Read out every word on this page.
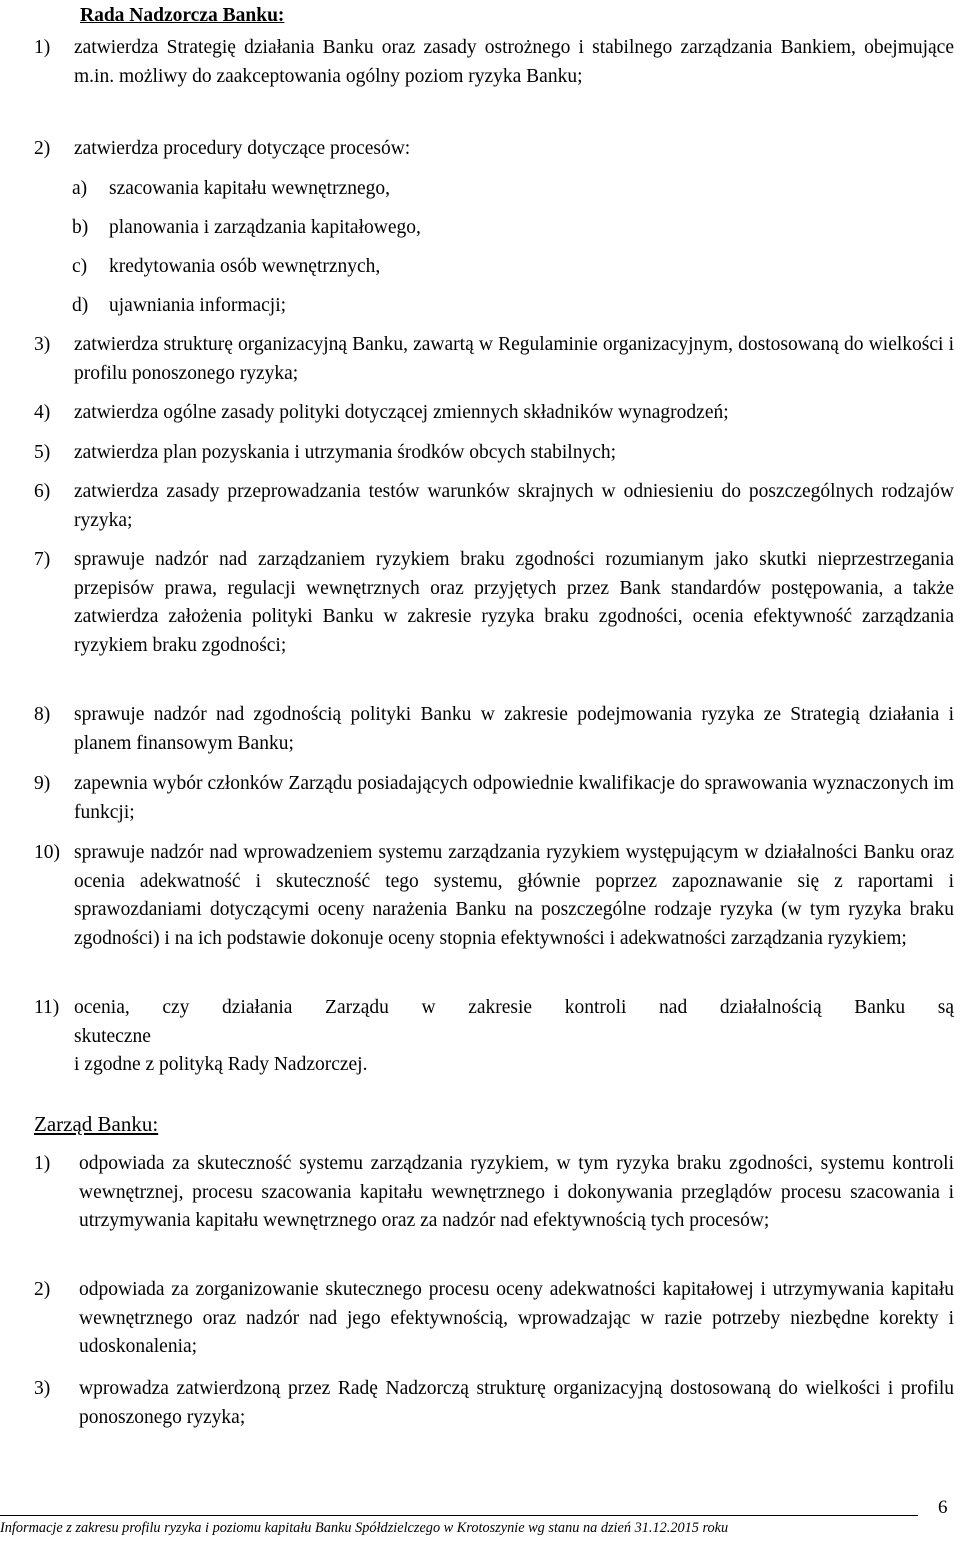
Rada Nadzorcza Banku:
1) zatwierdza Strategię działania Banku oraz zasady ostrożnego i stabilnego zarządzania Bankiem, obejmujące m.in. możliwy do zaakceptowania ogólny poziom ryzyka Banku;
2) zatwierdza procedury dotyczące procesów:
a) szacowania kapitału wewnętrznego,
b) planowania i zarządzania kapitałowego,
c) kredytowania osób wewnętrznych,
d) ujawniania informacji;
3) zatwierdza strukturę organizacyjną Banku, zawartą w Regulaminie organizacyjnym, dostosowaną do wielkości i profilu ponoszonego ryzyka;
4) zatwierdza ogólne zasady polityki dotyczącej zmiennych składników wynagrodzeń;
5) zatwierdza plan pozyskania i utrzymania środków obcych stabilnych;
6) zatwierdza zasady przeprowadzania testów warunków skrajnych w odniesieniu do poszczególnych rodzajów ryzyka;
7) sprawuje nadzór nad zarządzaniem ryzykiem braku zgodności rozumianym jako skutki nieprzestrzegania przepisów prawa, regulacji wewnętrznych oraz przyjętych przez Bank standardów postępowania, a także zatwierdza założenia polityki Banku w zakresie ryzyka braku zgodności, ocenia efektywność zarządzania ryzykiem braku zgodności;
8) sprawuje nadzór nad zgodnością polityki Banku w zakresie podejmowania ryzyka ze Strategią działania i planem finansowym Banku;
9) zapewnia wybór członków Zarządu posiadających odpowiednie kwalifikacje do sprawowania wyznaczonych im funkcji;
10) sprawuje nadzór nad wprowadzeniem systemu zarządzania ryzykiem występującym w działalności Banku oraz ocenia adekwatność i skuteczność tego systemu, głównie poprzez zapoznawanie się z raportami i sprawozdaniami dotyczącymi oceny narażenia Banku na poszczególne rodzaje ryzyka (w tym ryzyka braku zgodności) i na ich podstawie dokonuje oceny stopnia efektywności i adekwatności zarządzania ryzykiem;
11) ocenia, czy działania Zarządu w zakresie kontroli nad działalnością Banku są
skuteczne
i zgodne z polityką Rady Nadzorczej.
Zarząd Banku:
1) odpowiada za skuteczność systemu zarządzania ryzykiem, w tym ryzyka braku zgodności, systemu kontroli wewnętrznej, procesu szacowania kapitału wewnętrznego i dokonywania przeglądów procesu szacowania i utrzymywania kapitału wewnętrznego oraz za nadzór nad efektywnością tych procesów;
2) odpowiada za zorganizowanie skutecznego procesu oceny adekwatności kapitałowej i utrzymywania kapitału wewnętrznego oraz nadzór nad jego efektywnością, wprowadzając w razie potrzeby niezbędne korekty i udoskonalenia;
3) wprowadza zatwierdzoną przez Radę Nadzorczą strukturę organizacyjną dostosowaną do wielkości i profilu ponoszonego ryzyka;
Informacje z zakresu profilu ryzyka i poziomu kapitału Banku Spółdzielczego w Krotoszynie wg stanu na dzień 31.12.2015 roku
6
